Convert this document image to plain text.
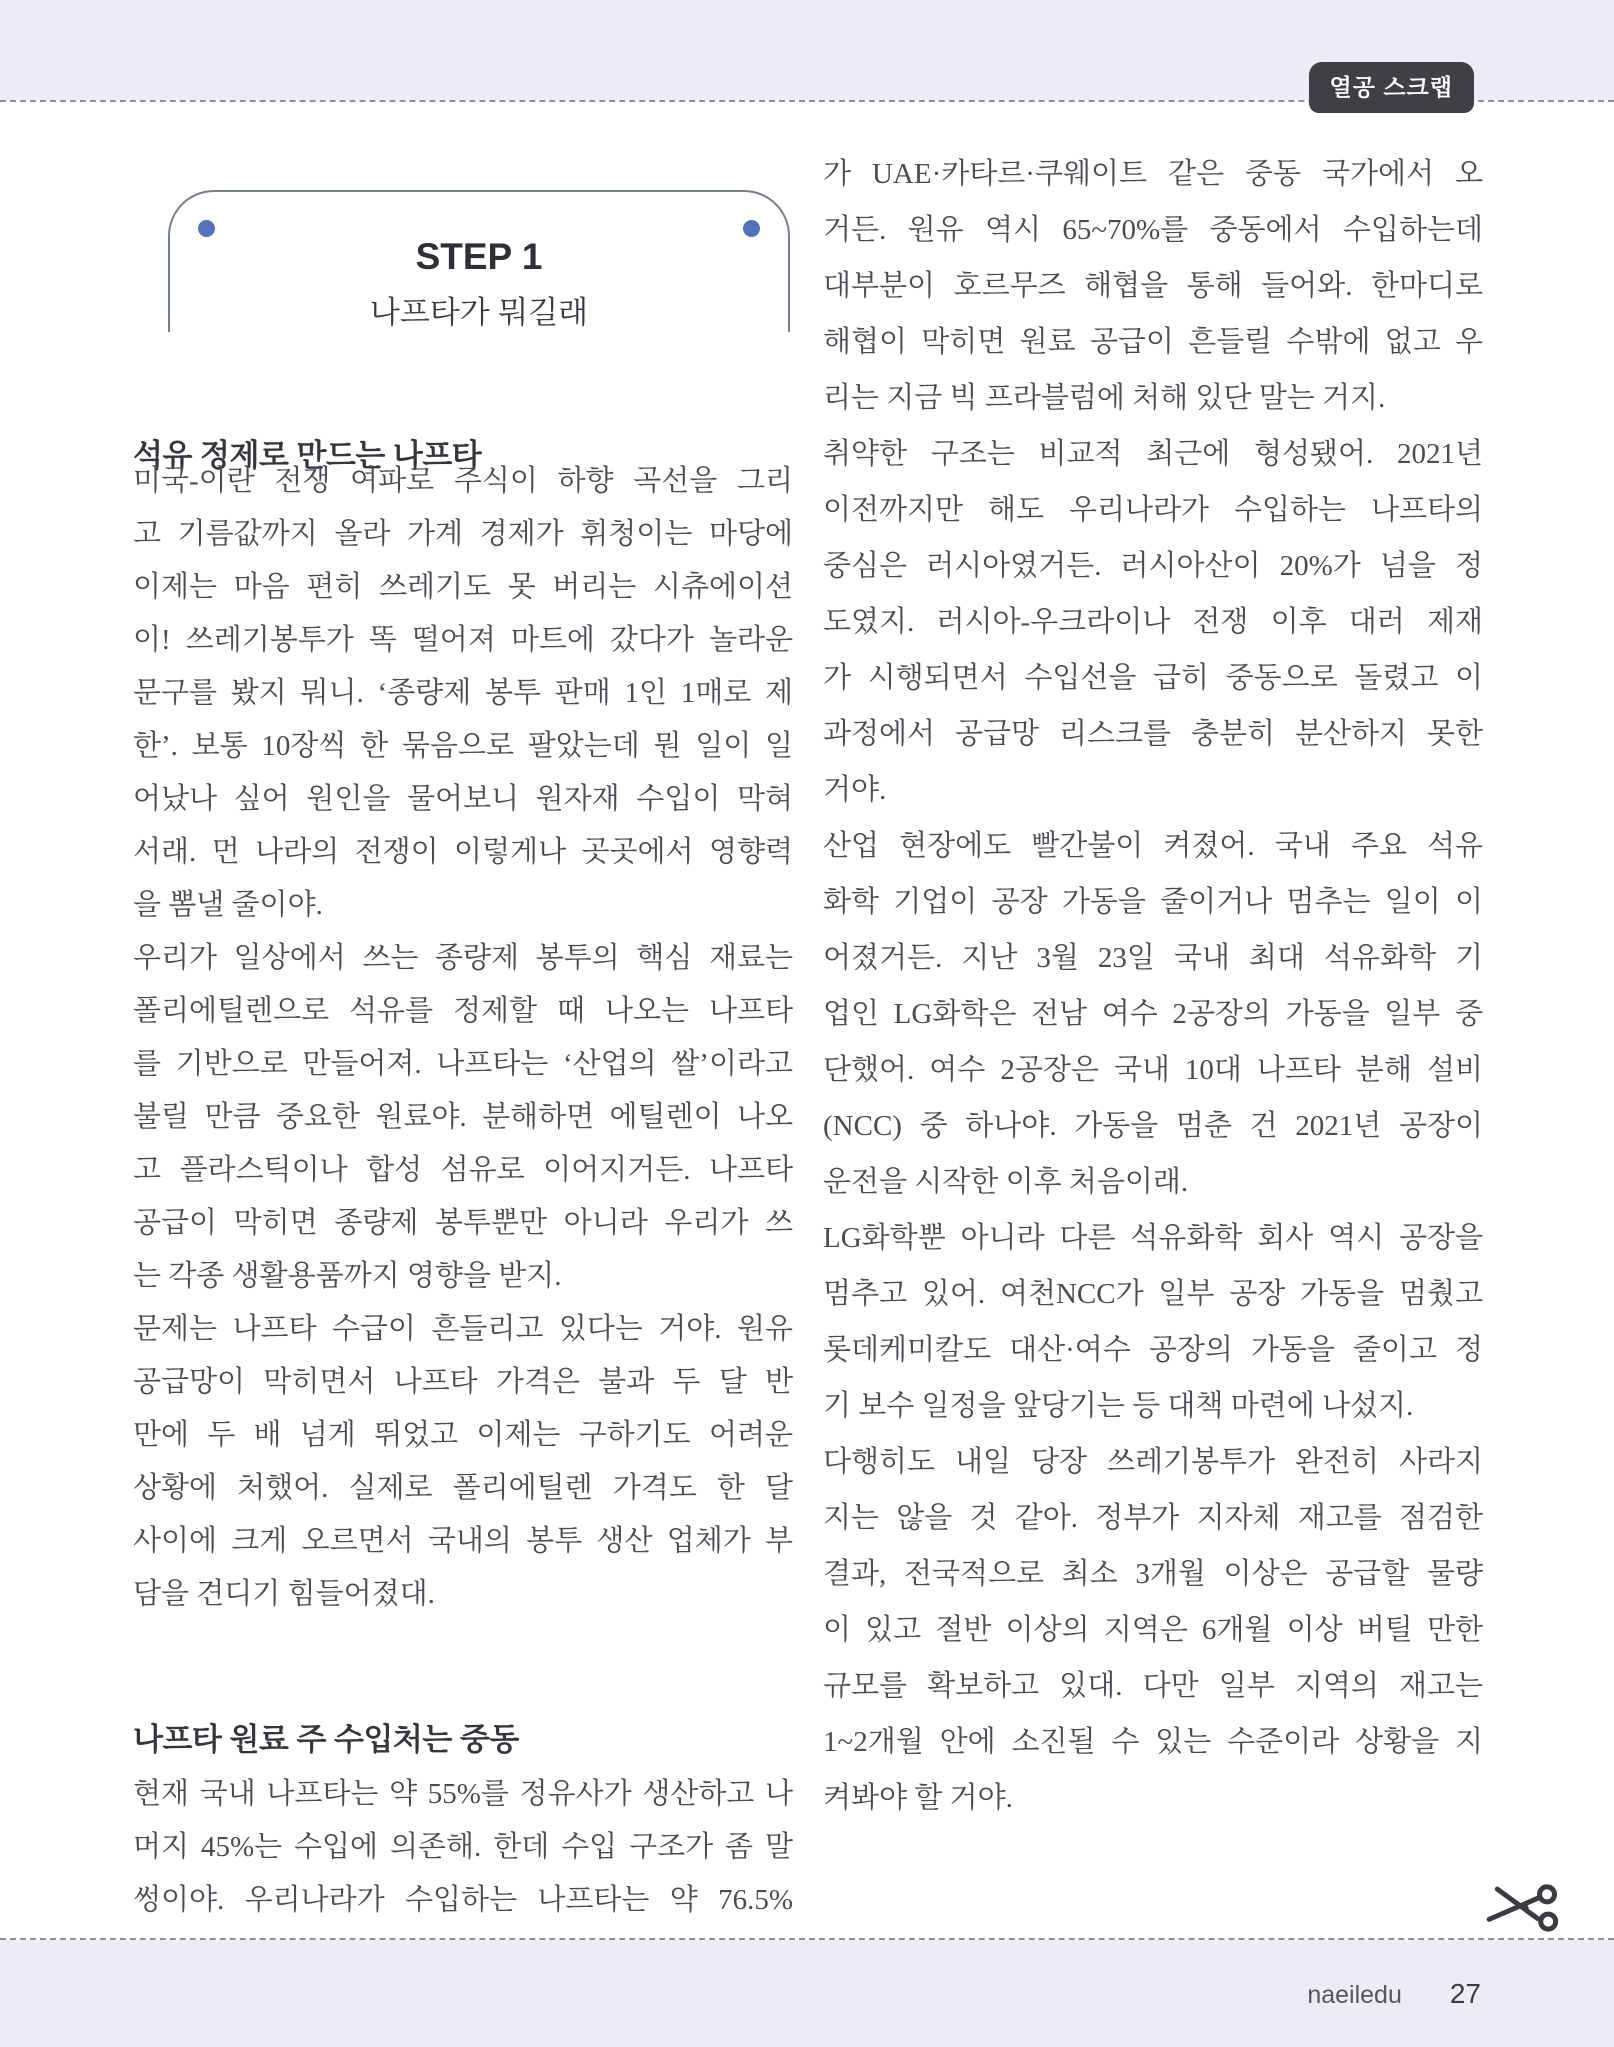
열공 스크랩
STEP 1
나프타가 뭐길래
석유 정제로 만드는 나프타
미국-이란 전쟁 여파로 주식이 하향 곡선을 그리
고 기름값까지 올라 가계 경제가 휘청이는 마당에
이제는 마음 편히 쓰레기도 못 버리는 시츄에이션
이! 쓰레기봉투가 똑 떨어져 마트에 갔다가 놀라운
문구를 봤지 뭐니. ‘종량제 봉투 판매 1인 1매로 제
한’. 보통 10장씩 한 묶음으로 팔았는데 뭔 일이 일
어났나 싶어 원인을 물어보니 원자재 수입이 막혀
서래. 먼 나라의 전쟁이 이렇게나 곳곳에서 영향력
을 뽐낼 줄이야.
우리가 일상에서 쓰는 종량제 봉투의 핵심 재료는
폴리에틸렌으로 석유를 정제할 때 나오는 나프타
를 기반으로 만들어져. 나프타는 ‘산업의 쌀’이라고
불릴 만큼 중요한 원료야. 분해하면 에틸렌이 나오
고 플라스틱이나 합성 섬유로 이어지거든. 나프타
공급이 막히면 종량제 봉투뿐만 아니라 우리가 쓰
는 각종 생활용품까지 영향을 받지.
문제는 나프타 수급이 흔들리고 있다는 거야. 원유
공급망이 막히면서 나프타 가격은 불과 두 달 반
만에 두 배 넘게 뛰었고 이제는 구하기도 어려운
상황에 처했어. 실제로 폴리에틸렌 가격도 한 달
사이에 크게 오르면서 국내의 봉투 생산 업체가 부
담을 견디기 힘들어졌대.
나프타 원료 주 수입처는 중동
현재 국내 나프타는 약 55%를 정유사가 생산하고 나
머지 45%는 수입에 의존해. 한데 수입 구조가 좀 말
썽이야. 우리나라가 수입하는 나프타는 약 76.5%
가 UAE·카타르·쿠웨이트 같은 중동 국가에서 오
거든. 원유 역시 65~70%를 중동에서 수입하는데
대부분이 호르무즈 해협을 통해 들어와. 한마디로
해협이 막히면 원료 공급이 흔들릴 수밖에 없고 우
리는 지금 빅 프라블럼에 처해 있단 말는 거지.
취약한 구조는 비교적 최근에 형성됐어. 2021년
이전까지만 해도 우리나라가 수입하는 나프타의
중심은 러시아였거든. 러시아산이 20%가 넘을 정
도였지. 러시아-우크라이나 전쟁 이후 대러 제재
가 시행되면서 수입선을 급히 중동으로 돌렸고 이
과정에서 공급망 리스크를 충분히 분산하지 못한
거야.
산업 현장에도 빨간불이 켜졌어. 국내 주요 석유
화학 기업이 공장 가동을 줄이거나 멈추는 일이 이
어졌거든. 지난 3월 23일 국내 최대 석유화학 기
업인 LG화학은 전남 여수 2공장의 가동을 일부 중
단했어. 여수 2공장은 국내 10대 나프타 분해 설비
(NCC) 중 하나야. 가동을 멈춘 건 2021년 공장이
운전을 시작한 이후 처음이래.
LG화학뿐 아니라 다른 석유화학 회사 역시 공장을
멈추고 있어. 여천NCC가 일부 공장 가동을 멈췄고
롯데케미칼도 대산·여수 공장의 가동을 줄이고 정
기 보수 일정을 앞당기는 등 대책 마련에 나섰지.
다행히도 내일 당장 쓰레기봉투가 완전히 사라지
지는 않을 것 같아. 정부가 지자체 재고를 점검한
결과, 전국적으로 최소 3개월 이상은 공급할 물량
이 있고 절반 이상의 지역은 6개월 이상 버틸 만한
규모를 확보하고 있대. 다만 일부 지역의 재고는
1~2개월 안에 소진될 수 있는 수준이라 상황을 지
켜봐야 할 거야.
naeiledu 27
